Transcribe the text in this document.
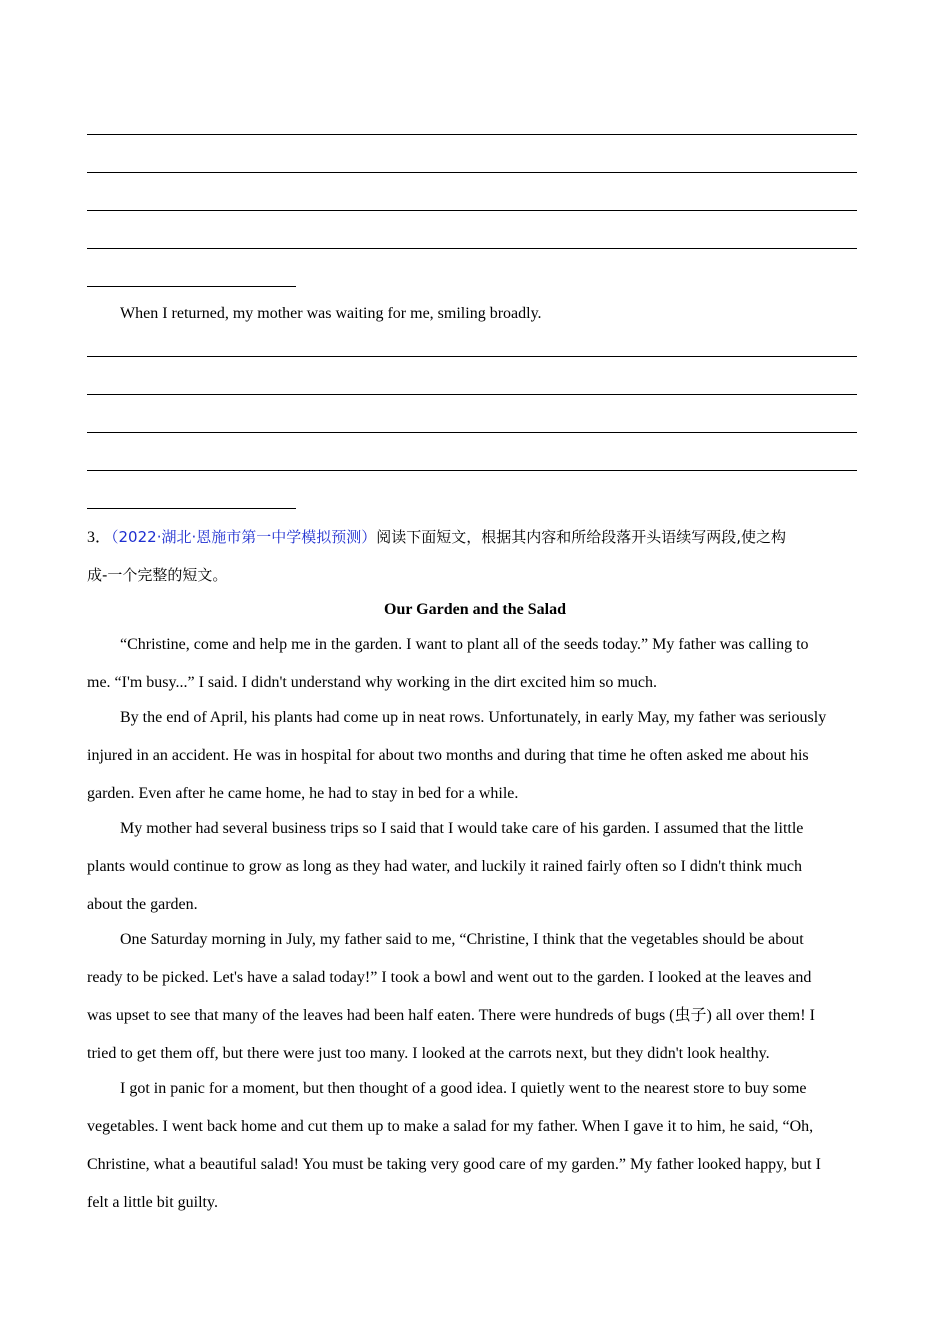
When I returned, my mother was waiting for me, smiling broadly.
3．（2022·湖北·恩施市第一中学模拟预测）阅读下面短文，根据其内容和所给段落开头语续写两段,使之构
成-一个完整的短文。
Our Garden and the Salad
“Christine, come and help me in the garden. I want to plant all of the seeds today.” My father was calling to
me. “I'm busy...” I said. I didn't understand why working in the dirt excited him so much.
By the end of April, his plants had come up in neat rows. Unfortunately, in early May, my father was seriously
injured in an accident. He was in hospital for about two months and during that time he often asked me about his
garden. Even after he came home, he had to stay in bed for a while.
My mother had several business trips so I said that I would take care of his garden. I assumed that the little
plants would continue to grow as long as they had water, and luckily it rained fairly often so I didn't think much
about the garden.
One Saturday morning in July, my father said to me, “Christine, I think that the vegetables should be about
ready to be picked. Let's have a salad today!” I took a bowl and went out to the garden. I looked at the leaves and
was upset to see that many of the leaves had been half eaten. There were hundreds of bugs (虫子) all over them! I
tried to get them off, but there were just too many. I looked at the carrots next, but they didn't look healthy.
I got in panic for a moment, but then thought of a good idea. I quietly went to the nearest store to buy some
vegetables. I went back home and cut them up to make a salad for my father. When I gave it to him, he said, “Oh,
Christine, what a beautiful salad! You must be taking very good care of my garden.” My father looked happy, but I
felt a little bit guilty.
